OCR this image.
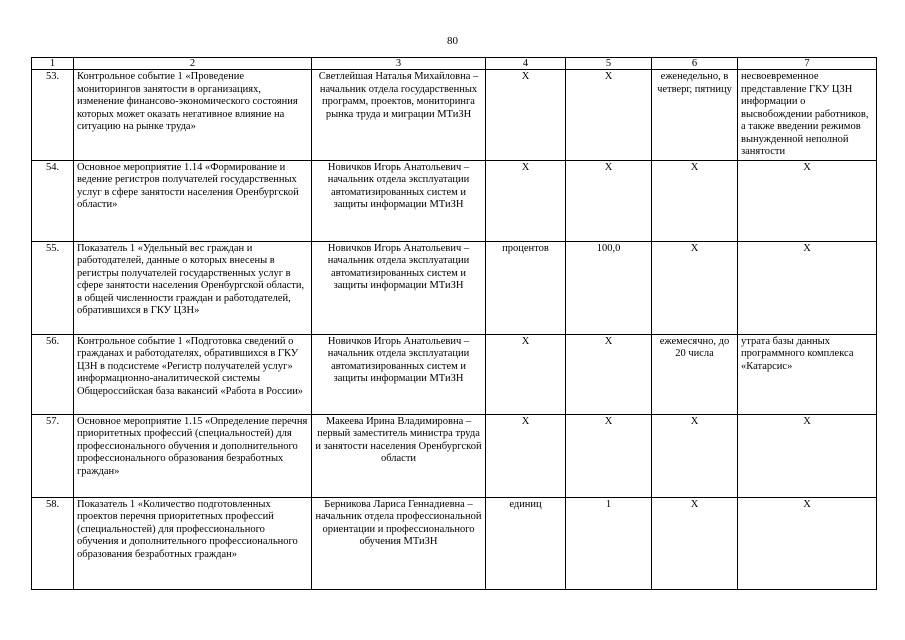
80
1	2	3	4	5	6	7
53.	Контрольное событие 1 «Проведение мониторингов занятости в организациях, изменение финансово-экономического состояния которых может оказать негативное влияние на ситуацию на рынке труда»	Светлейшая Наталья Михайловна – начальник отдела государственных программ, проектов, мониторинга рынка труда и миграции МТиЗН	Х	Х	еженедельно, в четверг, пятницу	несвоевременное представление ГКУ ЦЗН информации о высвобождении работников, а также введении режимов вынужденной неполной занятости
54.	Основное мероприятие 1.14 «Формирование и ведение регистров получателей государственных услуг в сфере занятости населения Оренбургской области»	Новичков Игорь Анатольевич – начальник отдела эксплуатации автоматизированных систем и защиты информации МТиЗН	Х	Х	Х	Х
55.	Показатель 1 «Удельный вес граждан и работодателей, данные о которых внесены в регистры получателей государственных услуг в сфере занятости населения Оренбургской области, в общей численности граждан и работодателей, обратившихся в ГКУ ЦЗН»	Новичков Игорь Анатольевич – начальник отдела эксплуатации автоматизированных систем и защиты информации МТиЗН	процентов	100,0	Х	Х
56.	Контрольное событие 1 «Подготовка сведений о гражданах и работодателях, обратившихся в ГКУ ЦЗН в подсистеме «Регистр получателей услуг» информационно-аналитической системы Общероссийская база вакансий «Работа в России»	Новичков Игорь Анатольевич – начальник отдела эксплуатации автоматизированных систем и защиты информации МТиЗН	Х	Х	ежемесячно, до 20 числа	утрата базы данных программного комплекса «Катарсис»
57.	Основное мероприятие 1.15 «Определение перечня приоритетных профессий (специальностей) для профессионального обучения и дополнительного профессионального образования безработных граждан»	Макеева Ирина Владимировна – первый заместитель министра труда и занятости населения Оренбургской области	Х	Х	Х	Х
58.	Показатель 1 «Количество подготовленных проектов перечня приоритетных профессий (специальностей) для профессионального обучения и дополнительного профессионального образования безработных граждан»	Берникова Лариса Геннадиевна – начальник отдела профессиональной ориентации и профессионального обучения МТиЗН	единиц	1	Х	Х
